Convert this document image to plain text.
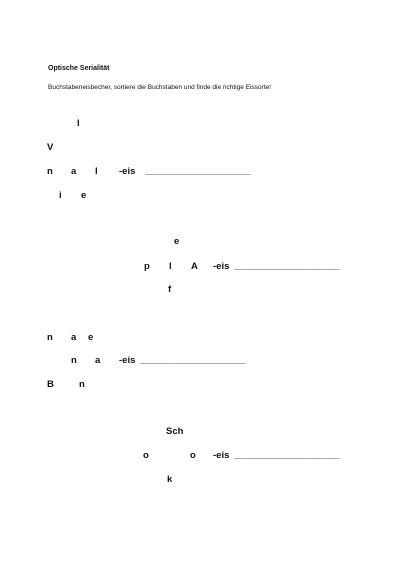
Optische Serialität
Buchstabeneisbecher, sortiere die Buchstaben und finde die richtige Eissorte!
l
V
n a l
i e
-eis ____________________
e
p l A
f
-eis ____________________
n a e
n a
B	n
-eis ____________________
Sch
o	o
k
-eis ____________________
